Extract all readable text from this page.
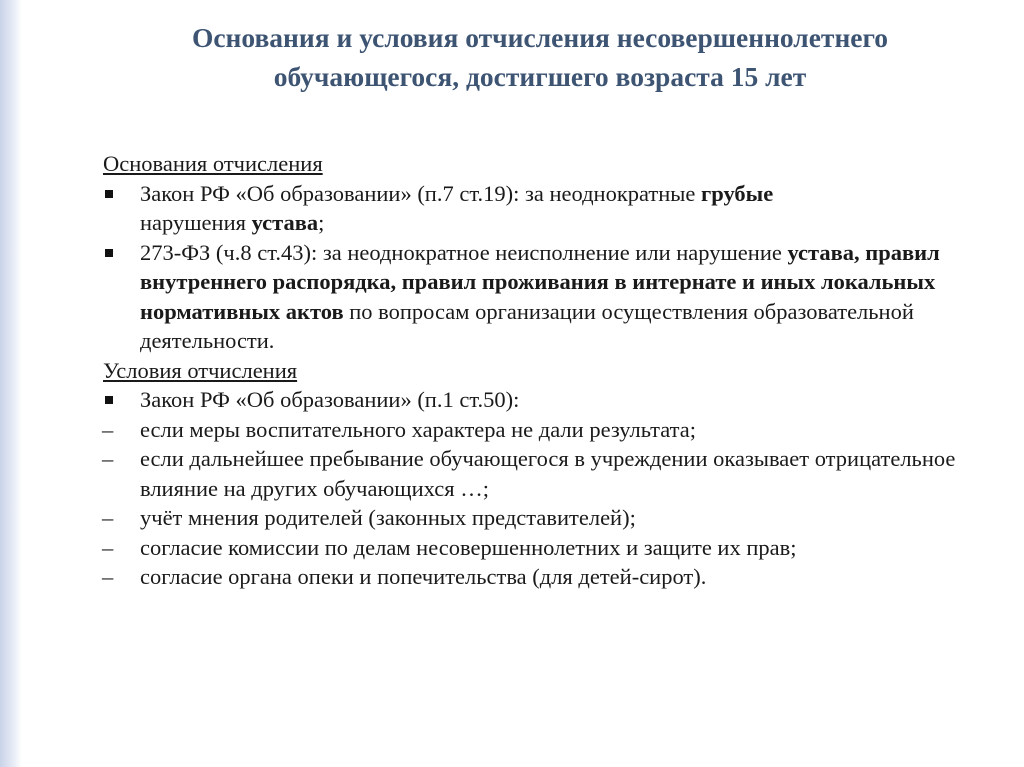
Основания и условия отчисления несовершеннолетнего
обучающегося, достигшего возраста 15 лет

Основания отчисления

Закон РФ «Об образовании» (п.7 ст.19): за неоднократные грубые
нарушения устава;

273-ФЗ (ч.8 ст.43): за неоднократное неисполнение или нарушение устава, правил внутреннего распорядка, правил проживания в интернате и иных локальных нормативных актов по вопросам организации осуществления образовательной деятельности.

Условия отчисления

Закон РФ «Об образовании» (п.1 ст.50):

–	если меры воспитательного характера не дали результата;

–	если дальнейшее пребывание обучающегося в учреждении оказывает отрицательное влияние на других обучающихся …;

–	учёт мнения родителей (законных представителей);

–	согласие комиссии по делам несовершеннолетних и защите их прав;

–	согласие органа опеки и попечительства (для детей-сирот).
